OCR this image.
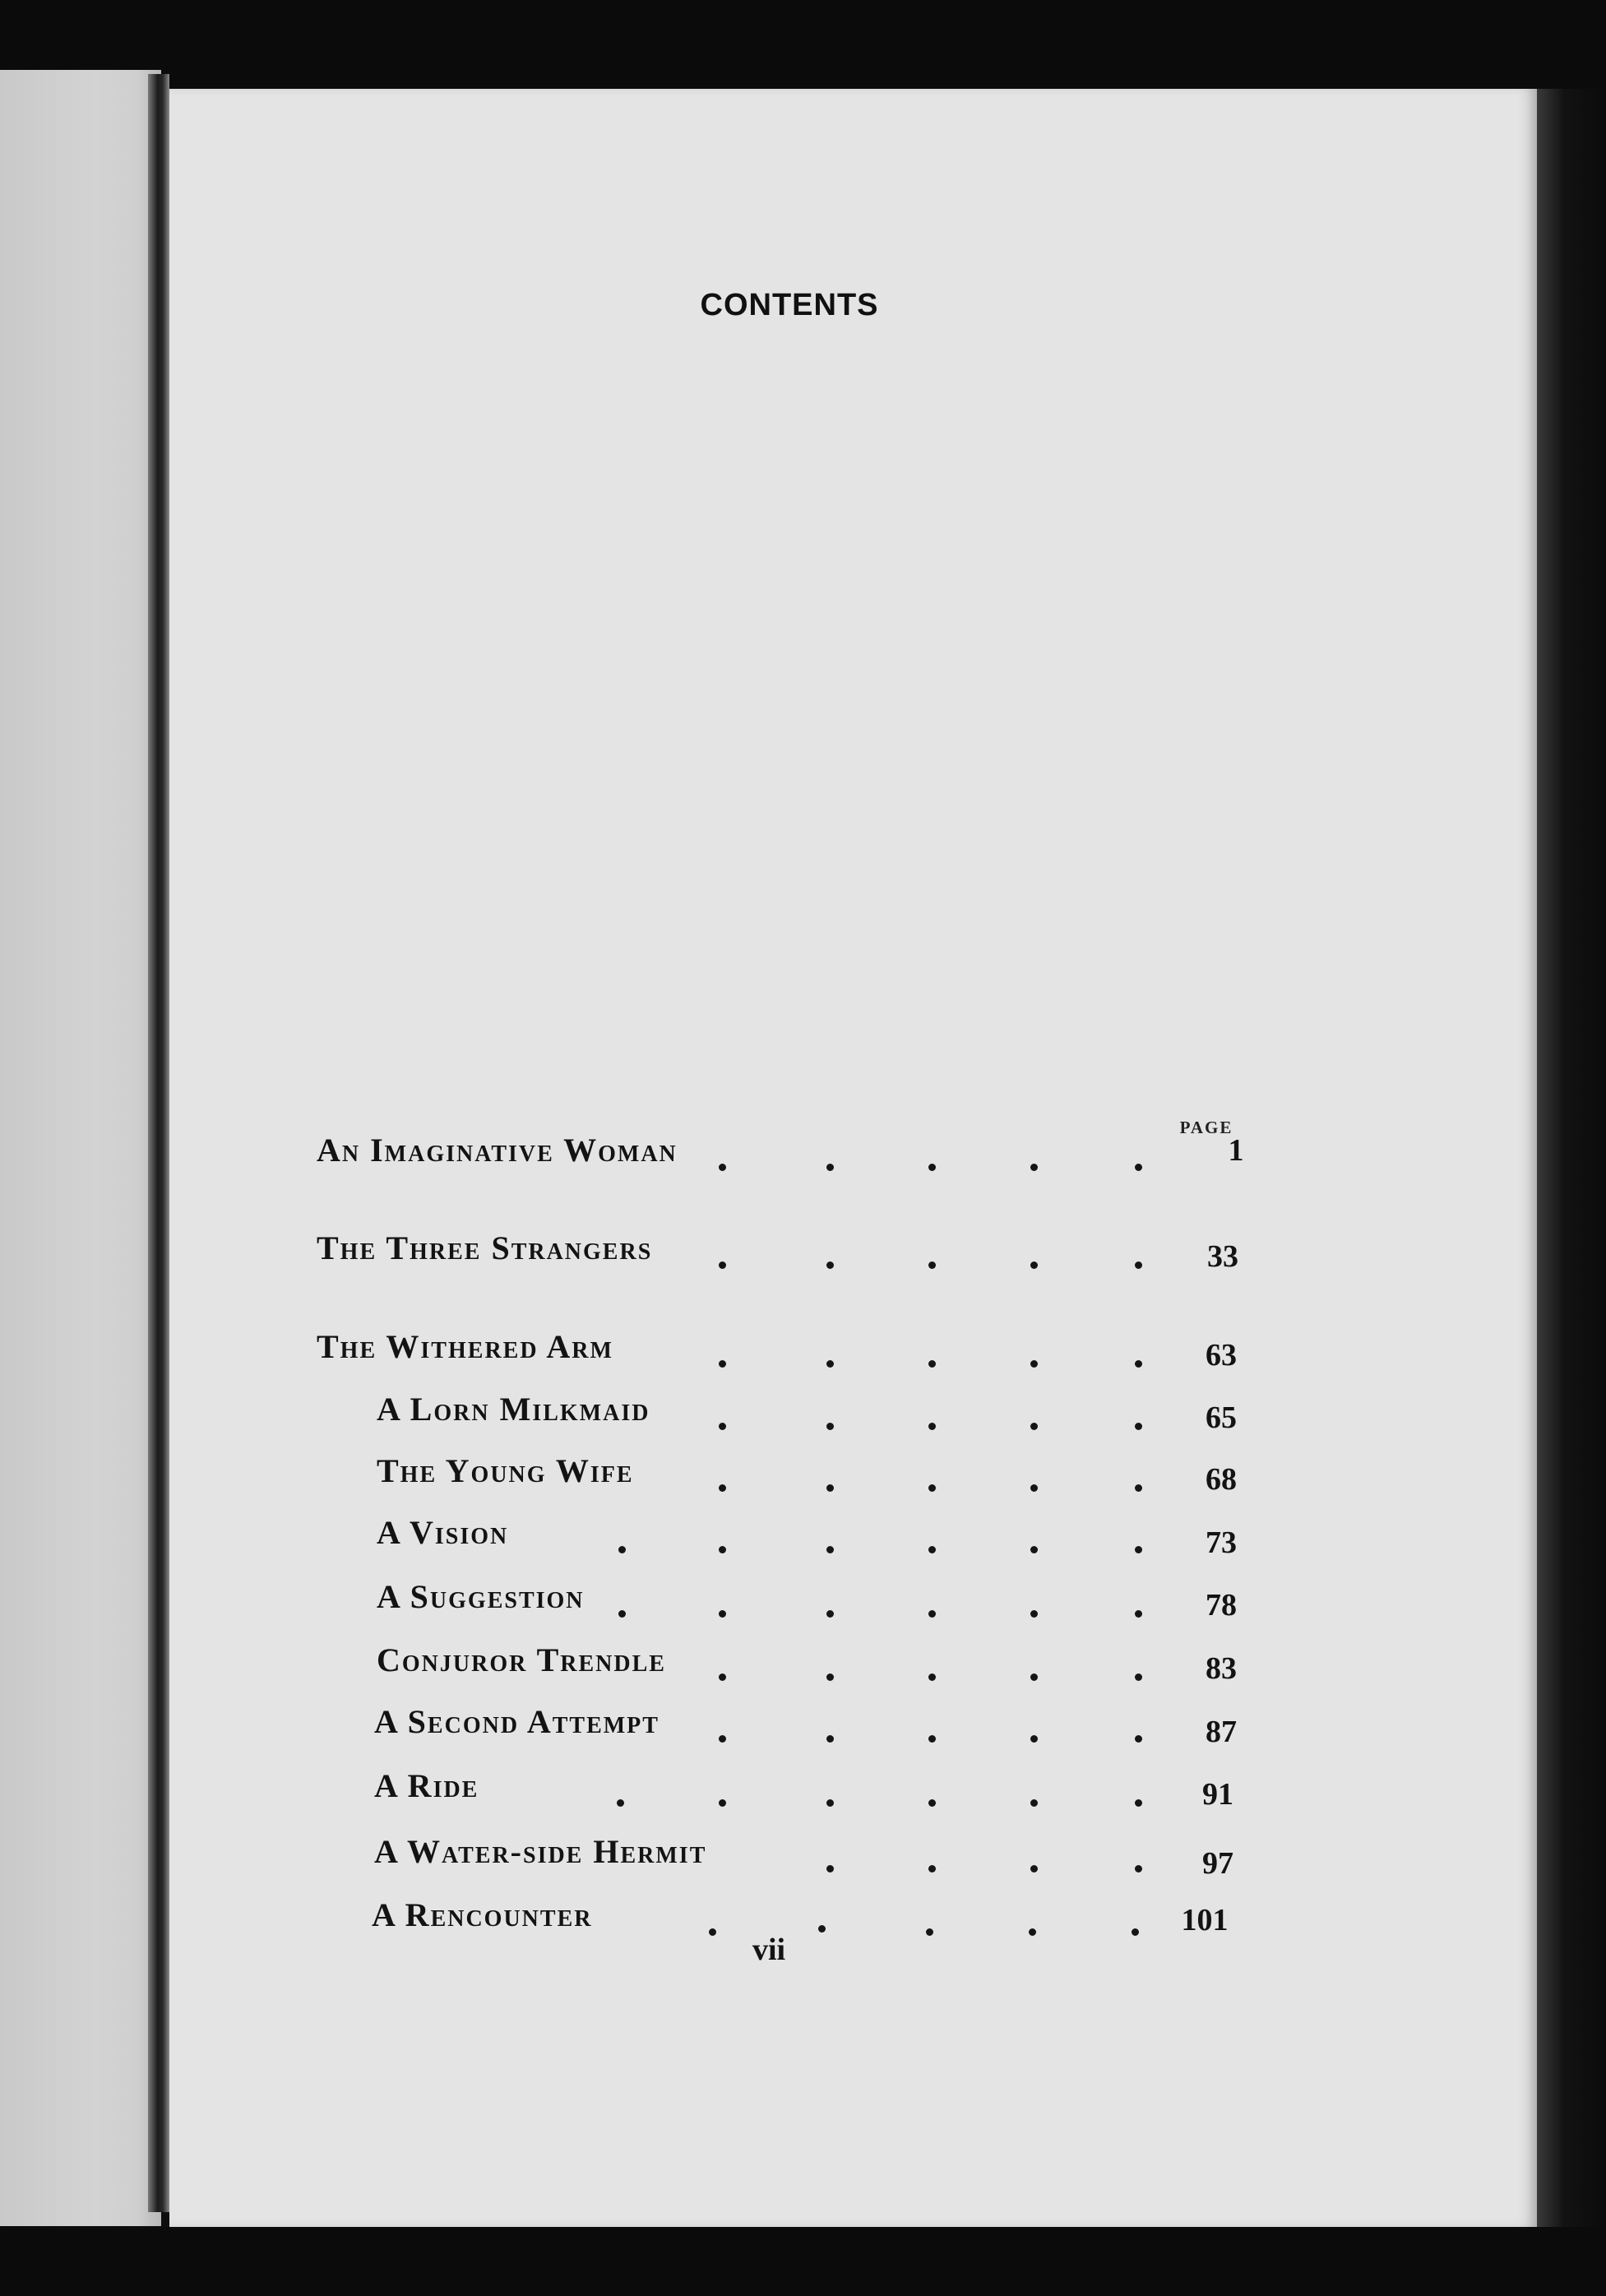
CONTENTS
PAGE
An Imaginative Woman	1
The Three Strangers	33
The Withered Arm	63
A Lorn Milkmaid	65
The Young Wife	68
A Vision	73
A Suggestion	78
Conjuror Trendle	83
A Second Attempt	87
A Ride	91
A Water-side Hermit	97
A Rencounter	101
vii
